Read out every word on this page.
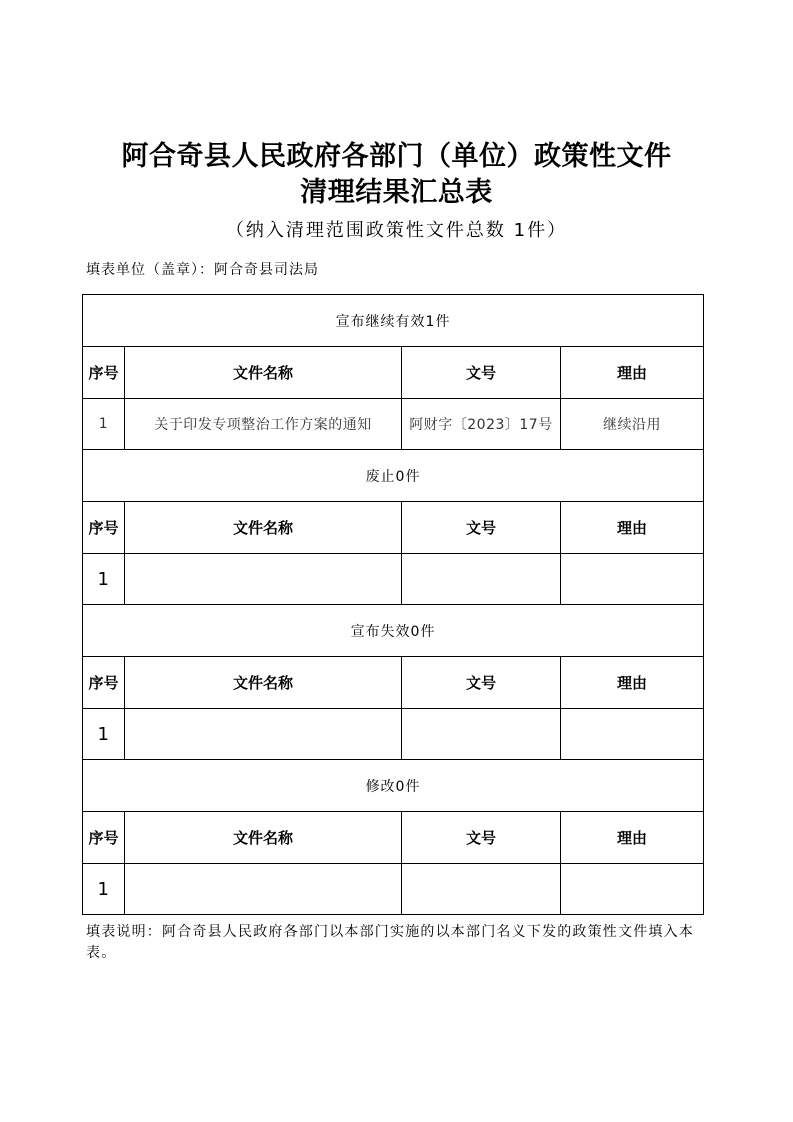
阿合奇县人民政府各部门（单位）政策性文件
清理结果汇总表
（纳入清理范围政策性文件总数 1件）
填表单位（盖章）：阿合奇县司法局
宣布继续有效1件			
序号	文件名称	文号	理由
1	关于印发专项整治工作方案的通知	阿财字〔2023〕17号	继续沿用
废止0件			
序号	文件名称	文号	理由
1			
宣布失效0件			
序号	文件名称	文号	理由
1			
修改0件			
序号	文件名称	文号	理由
1			
填表说明：阿合奇县人民政府各部门以本部门实施的以本部门名义下发的政策性文件填入本表。
